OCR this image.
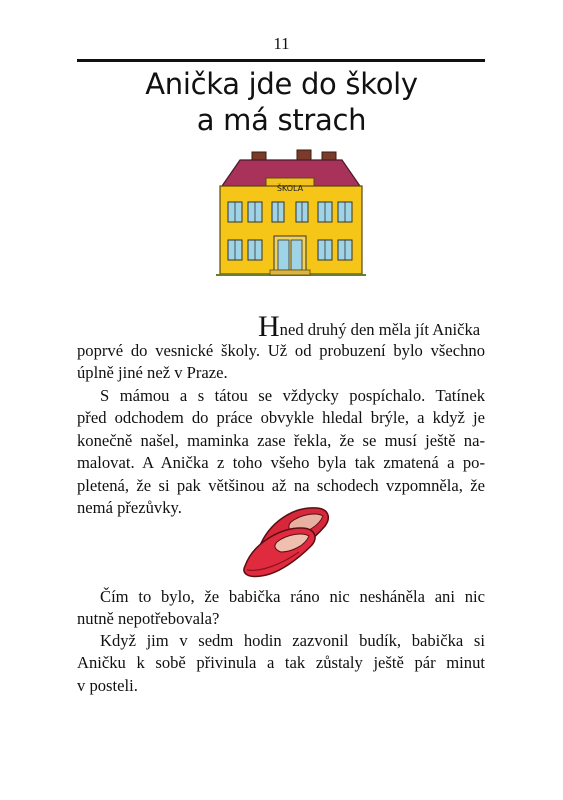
11
Anička jde do školy
a má strach
ŠKOLA
Hned druhý den měla jít Anička
poprvé do vesnické školy. Už od probuzení bylo všechno
úplně jiné než v Praze.
S mámou a s tátou se vždycky pospíchalo. Tatínek
před odchodem do práce obvykle hledal brýle, a když je
konečně našel, maminka zase řekla, že se musí ještě na-
malovat. A Anička z toho všeho byla tak zmatená a po-
pletená, že si pak většinou až na schodech vzpomněla, že
nemá přezůvky.
Čím to bylo, že babička ráno nic nesháněla ani nic
nutně nepotřebovala?
Když jim v sedm hodin zazvonil budík, babička si
Aničku k sobě přivinula a tak zůstaly ještě pár minut
v posteli.
